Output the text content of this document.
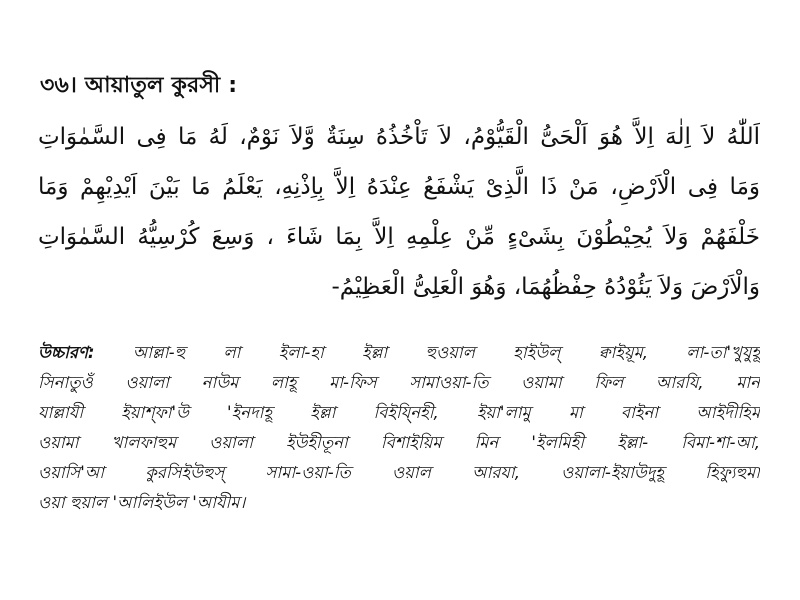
৩৬। আয়াতুল কুরসী :
اَللّٰهُ لاَ اِلٰهَ اِلاَّ هُوَ اَلْحَىُّ الْقَيُّوْمُ، لاَ تَاْخُذُهُ سِنَةٌ وَّلاَ نَوْمٌ، لَهُ مَا فِى السَّمٰوَاتِ
وَمَا فِى الْاَرْضِ، مَنْ ذَا الَّذِىْ يَشْفَعُ عِنْدَهُ اِلاَّ بِاِذْنِهِ، يَعْلَمُ مَا بَيْنَ اَيْدِيْهِمْ وَمَا
خَلْفَهُمْ وَلاَ يُحِيْطُوْنَ بِشَىْءٍ مِّنْ عِلْمِهِ اِلاَّ بِمَا شَاءَ ، وَسِعَ كُرْسِيُّهُ السَّمٰوَاتِ
وَالْاَرْضَ وَلاَ يَئُوْدُهُ حِفْظُهُمَا، وَهُوَ الْعَلِىُّ الْعَظِيْمُ-
উচ্চারণ: আল্লা-হু লা ইলা-হা ইল্লা হুওয়াল হাইউল্ ক্বাইয়ূম, লা-তা'খুযুহূ
সিনাতুওঁ ওয়ালা নাউম লাহূ মা-ফিস সামাওয়া-তি ওয়ামা ফিল আরযি, মান
যাল্লাযী ইয়াশ্ফা'উ 'ইনদাহূ ইল্লা বিইয্নিহী, ইয়া'লামু মা বাইনা আইদীহিম
ওয়ামা খালফাহুম ওয়ালা ইউহীতূনা বিশাইয়িম মিন 'ইলমিহী ইল্লা- বিমা-শা-আ,
ওয়াসি'আ কুরসিইউহুস্ সামা-ওয়া-তি ওয়াল আরযা, ওয়ালা-ইয়াউদুহূ হিফ্যুহুমা
ওয়া হুয়াল 'আলিইউল 'আযীম।
